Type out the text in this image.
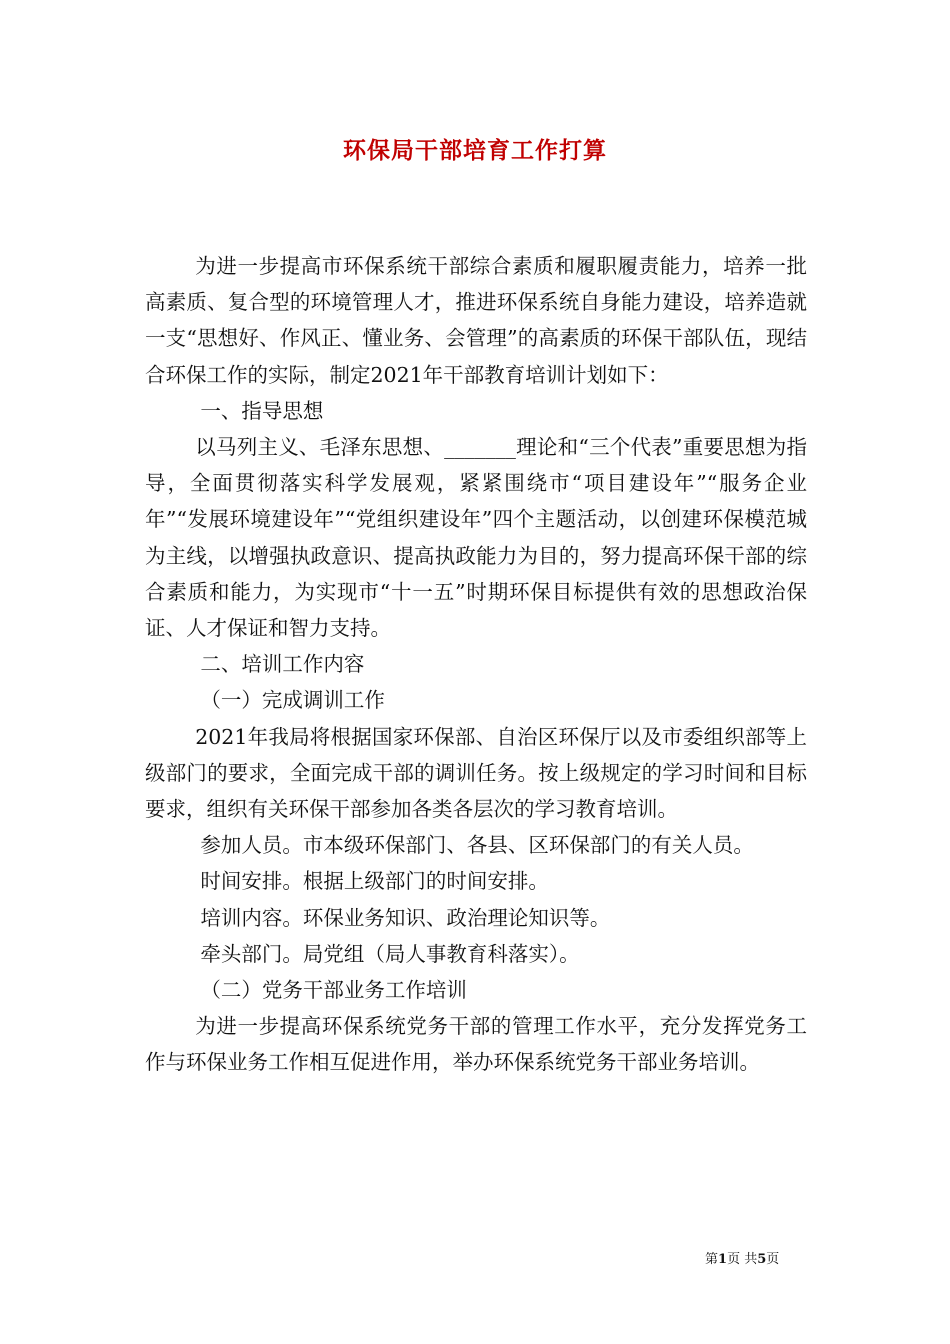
环保局干部培育工作打算

为进一步提高市环保系统干部综合素质和履职履责能力，培养一批高素质、复合型的环境管理人才，推进环保系统自身能力建设，培养造就一支“思想好、作风正、懂业务、会管理”的高素质的环保干部队伍，现结合环保工作的实际，制定2021年干部教育培训计划如下：

一、指导思想

以马列主义、毛泽东思想、_______理论和“三个代表”重要思想为指导，全面贯彻落实科学发展观，紧紧围绕市“项目建设年”“服务企业年”“发展环境建设年”“党组织建设年”四个主题活动，以创建环保模范城为主线，以增强执政意识、提高执政能力为目的，努力提高环保干部的综合素质和能力，为实现市“十一五”时期环保目标提供有效的思想政治保证、人才保证和智力支持。

二、培训工作内容

（一）完成调训工作

2021年我局将根据国家环保部、自治区环保厅以及市委组织部等上级部门的要求，全面完成干部的调训任务。按上级规定的学习时间和目标要求，组织有关环保干部参加各类各层次的学习教育培训。

参加人员。市本级环保部门、各县、区环保部门的有关人员。

时间安排。根据上级部门的时间安排。

培训内容。环保业务知识、政治理论知识等。

牵头部门。局党组（局人事教育科落实）。

（二）党务干部业务工作培训

为进一步提高环保系统党务干部的管理工作水平，充分发挥党务工作与环保业务工作相互促进作用，举办环保系统党务干部业务培训。

第1页 共5页
